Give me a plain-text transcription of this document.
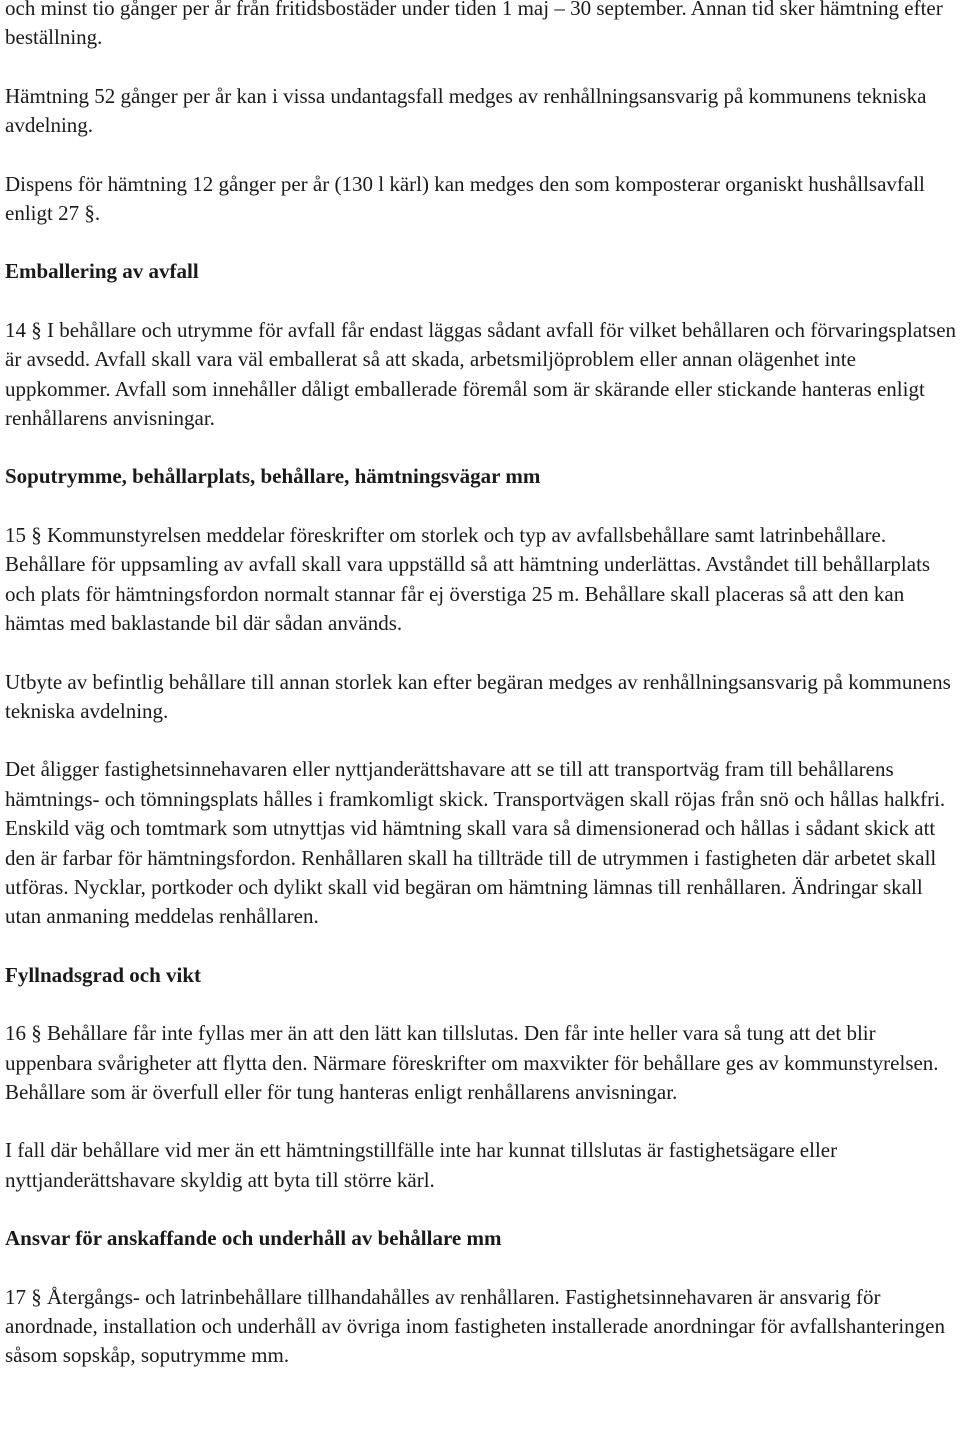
och minst tio gånger per år från fritidsbostäder under tiden 1 maj – 30 september. Annan tid sker hämtning efter beställning.

Hämtning 52 gånger per år kan i vissa undantagsfall medges av renhållningsansvarig på kommunens tekniska avdelning.

Dispens för hämtning 12 gånger per år (130 l kärl) kan medges den som komposterar organiskt hushållsavfall enligt 27 §.

Emballering av avfall

14 § I behållare och utrymme för avfall får endast läggas sådant avfall för vilket behållaren och förvaringsplatsen är avsedd. Avfall skall vara väl emballerat så att skada, arbetsmiljöproblem eller annan olägenhet inte uppkommer. Avfall som innehåller dåligt emballerade föremål som är skärande eller stickande hanteras enligt renhållarens anvisningar.

Soputrymme, behållarplats, behållare, hämtningsvägar mm

15 § Kommunstyrelsen meddelar föreskrifter om storlek och typ av avfallsbehållare samt latrinbehållare. Behållare för uppsamling av avfall skall vara uppställd så att hämtning underlättas. Avståndet till behållarplats och plats för hämtningsfordon normalt stannar får ej överstiga 25 m. Behållare skall placeras så att den kan hämtas med baklastande bil där sådan används.

Utbyte av befintlig behållare till annan storlek kan efter begäran medges av renhållningsansvarig på kommunens tekniska avdelning.

Det åligger fastighetsinnehavaren eller nyttjanderättshavare att se till att transportväg fram till behållarens hämtnings- och tömningsplats hålles i framkomligt skick. Transportvägen skall röjas från snö och hållas halkfri. Enskild väg och tomtmark som utnyttjas vid hämtning skall vara så dimensionerad och hållas i sådant skick att den är farbar för hämtningsfordon. Renhållaren skall ha tillträde till de utrymmen i fastigheten där arbetet skall utföras. Nycklar, portkoder och dylikt skall vid begäran om hämtning lämnas till renhållaren. Ändringar skall utan anmaning meddelas renhållaren.

Fyllnadsgrad och vikt

16 § Behållare får inte fyllas mer än att den lätt kan tillslutas. Den får inte heller vara så tung att det blir uppenbara svårigheter att flytta den. Närmare föreskrifter om maxvikter för behållare ges av kommunstyrelsen. Behållare som är överfull eller för tung hanteras enligt renhållarens anvisningar.

I fall där behållare vid mer än ett hämtningstillfälle inte har kunnat tillslutas är fastighetsägare eller nyttjanderättshavare skyldig att byta till större kärl.

Ansvar för anskaffande och underhåll av behållare mm

17 § Återgångs- och latrinbehållare tillhandahålles av renhållaren. Fastighetsinnehavaren är ansvarig för anordnade, installation och underhåll av övriga inom fastigheten installerade anordningar för avfallshanteringen såsom sopskåp, soputrymme mm.
